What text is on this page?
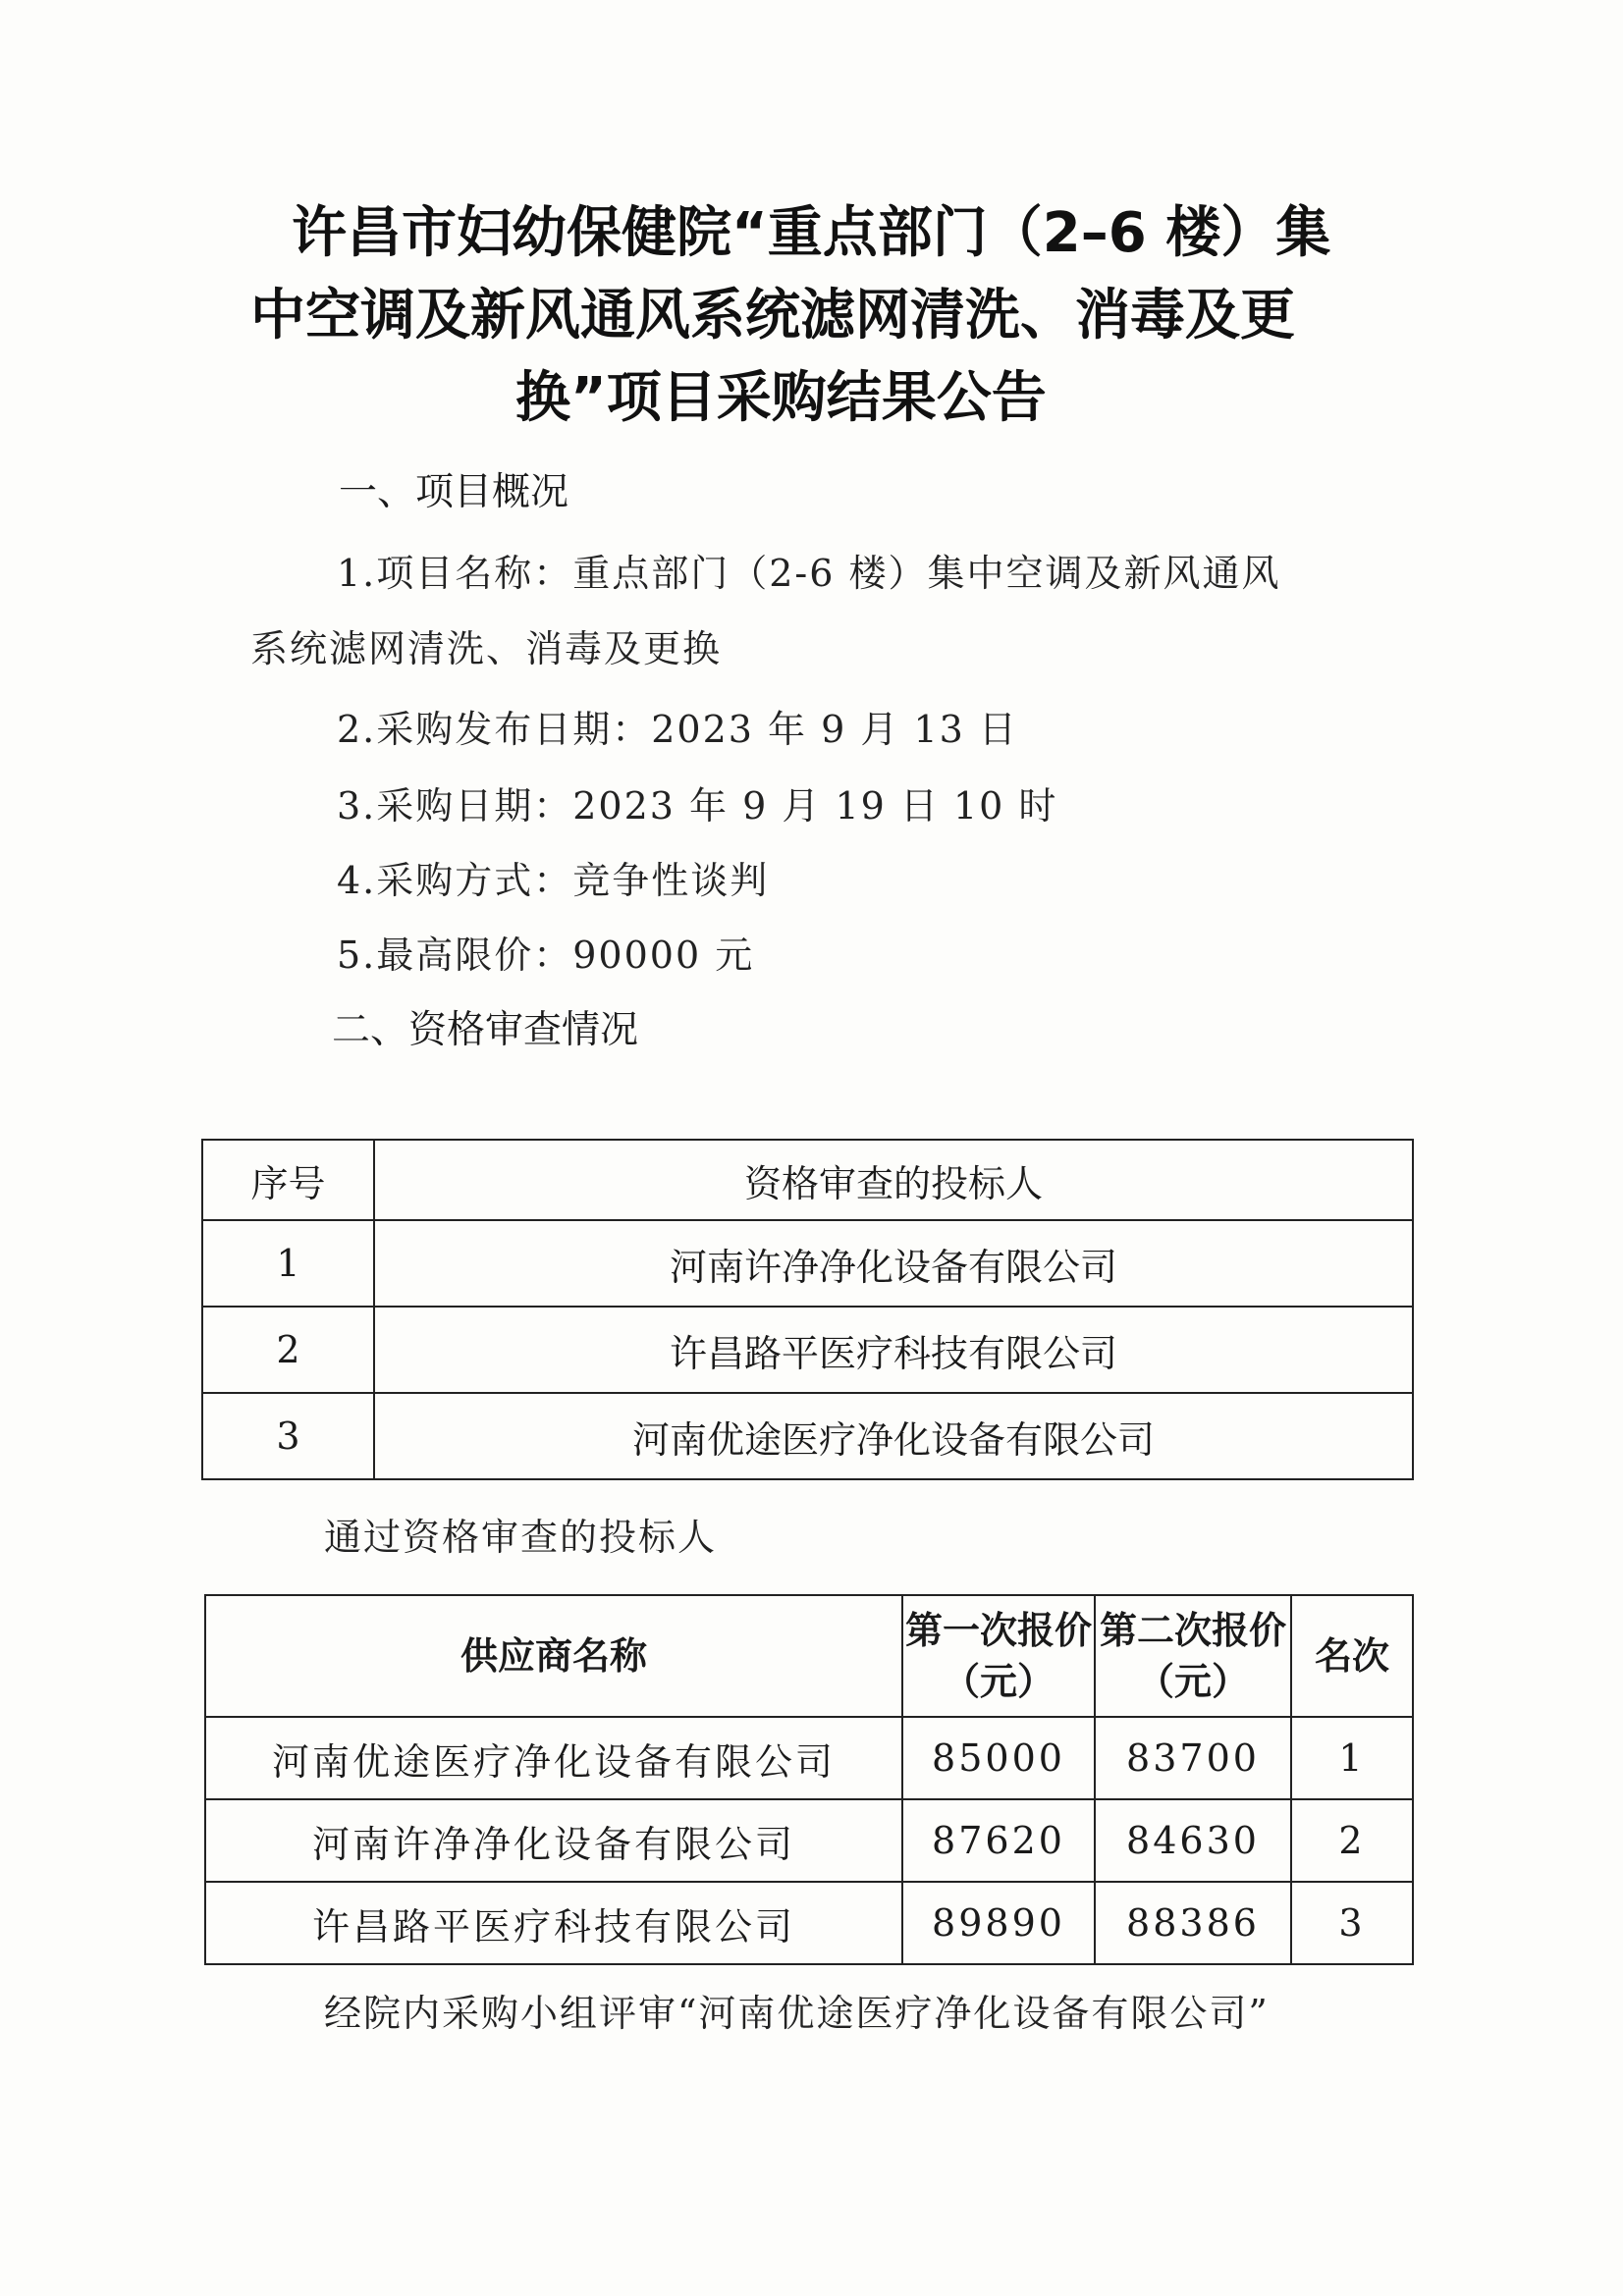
许昌市妇幼保健院“重点部门（2–6 楼）集
中空调及新风通风系统滤网清洗、消毒及更
换”项目采购结果公告
一、项目概况
1.项目名称：重点部门（2-6 楼）集中空调及新风通风
系统滤网清洗、消毒及更换
2.采购发布日期：2023 年 9 月 13 日
3.采购日期：2023 年 9 月 19 日 10 时
4.采购方式：竞争性谈判
5.最高限价：90000 元
二、资格审查情况
序号	资格审查的投标人
1	河南许净净化设备有限公司
2	许昌路平医疗科技有限公司
3	河南优途医疗净化设备有限公司
通过资格审查的投标人
供应商名称	第一次报价（元）	第二次报价（元）	名次
河南优途医疗净化设备有限公司	85000	83700	1
河南许净净化设备有限公司	87620	84630	2
许昌路平医疗科技有限公司	89890	88386	3
经院内采购小组评审“河南优途医疗净化设备有限公司”
